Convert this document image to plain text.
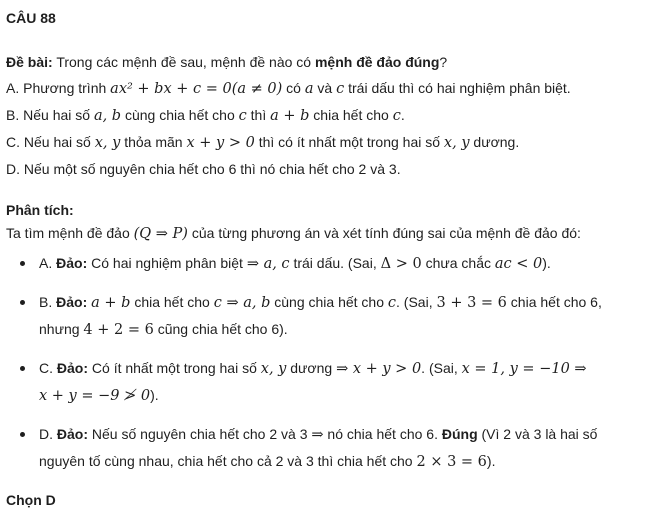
CÂU 88
Đề bài: Trong các mệnh đề sau, mệnh đề nào có mệnh đề đảo đúng?
A. Phương trình ax² + bx + c = 0(a ≠ 0) có a và c trái dấu thì có hai nghiệm phân biệt.
B. Nếu hai số a, b cùng chia hết cho c thì a + b chia hết cho c.
C. Nếu hai số x, y thỏa mãn x + y > 0 thì có ít nhất một trong hai số x, y dương.
D. Nếu một số nguyên chia hết cho 6 thì nó chia hết cho 2 và 3.
Phân tích:
Ta tìm mệnh đề đảo (Q ⇒ P) của từng phương án và xét tính đúng sai của mệnh đề đảo đó:
A. Đảo: Có hai nghiệm phân biệt ⇒ a, c trái dấu. (Sai, Δ > 0 chưa chắc ac < 0).
B. Đảo: a + b chia hết cho c ⇒ a, b cùng chia hết cho c. (Sai, 3 + 3 = 6 chia hết cho 6,
nhưng 4 + 2 = 6 cũng chia hết cho 6).
C. Đảo: Có ít nhất một trong hai số x, y dương ⇒ x + y > 0. (Sai, x = 1, y = −10 ⇒
x + y = −9 ≯ 0).
D. Đảo: Nếu số nguyên chia hết cho 2 và 3 ⇒ nó chia hết cho 6. Đúng (Vì 2 và 3 là hai số
nguyên tố cùng nhau, chia hết cho cả 2 và 3 thì chia hết cho 2 × 3 = 6).
Chọn D
